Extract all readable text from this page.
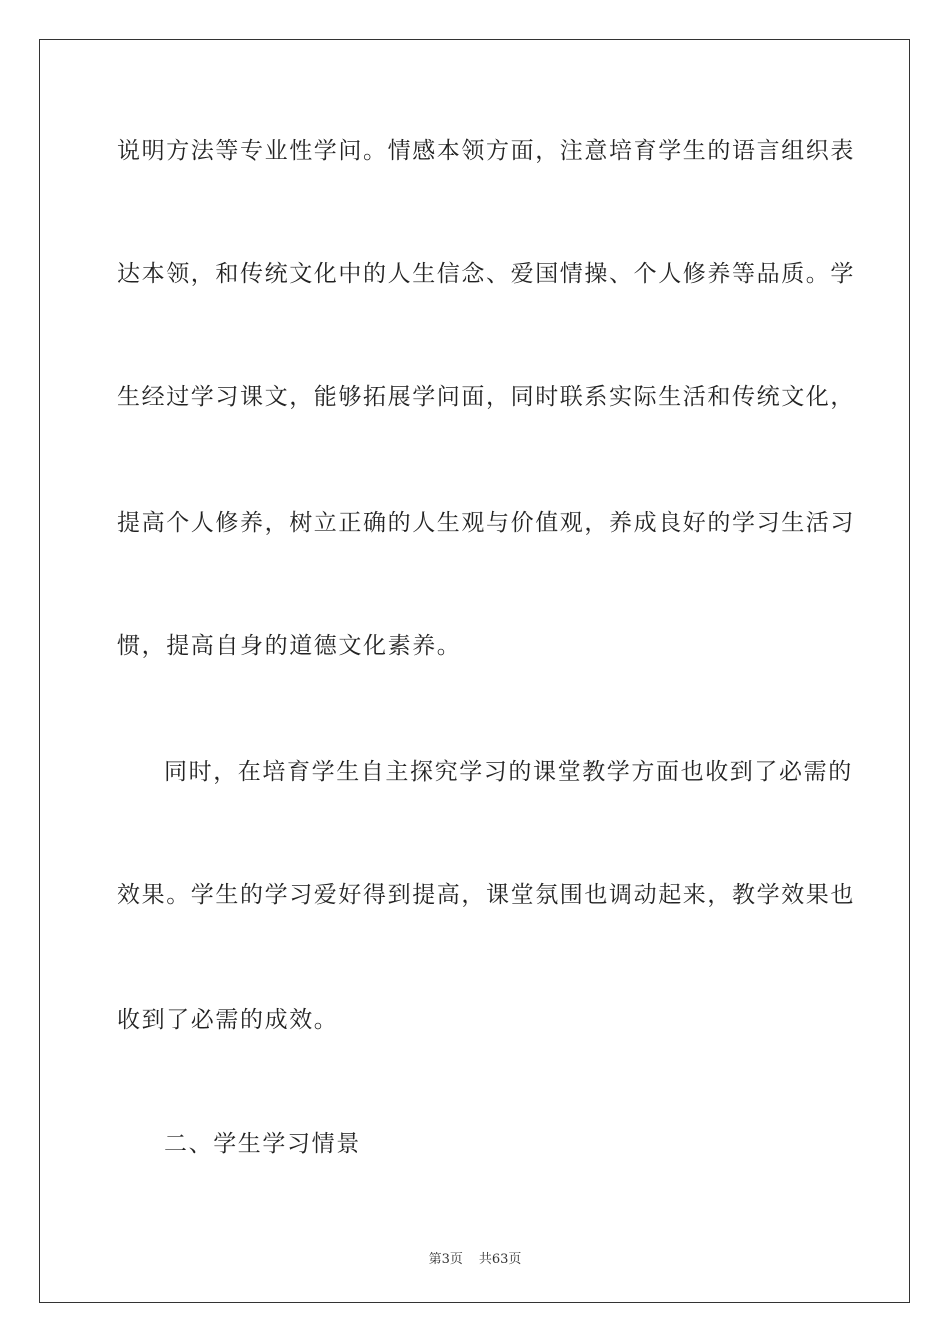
说明方法等专业性学问。情感本领方面，注意培育学生的语言组织表
达本领，和传统文化中的人生信念、爱国情操、个人修养等品质。学
生经过学习课文，能够拓展学问面，同时联系实际生活和传统文化，
提高个人修养，树立正确的人生观与价值观，养成良好的学习生活习
惯，提高自身的道德文化素养。
同时，在培育学生自主探究学习的课堂教学方面也收到了必需的
效果。学生的学习爱好得到提高，课堂氛围也调动起来，教学效果也
收到了必需的成效。
二、学生学习情景
第3页 共63页
